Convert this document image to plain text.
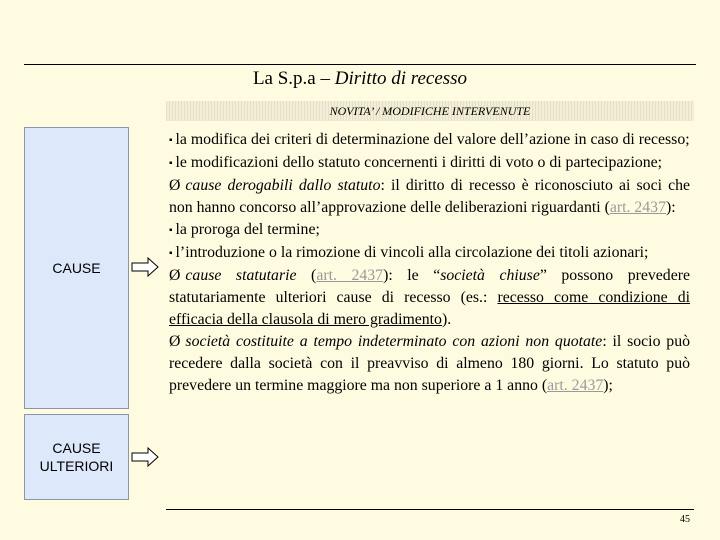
La S.p.a – Diritto di recesso
NOVITA’ / MODIFICHE INTERVENUTE
CAUSE
CAUSE
ULTERIORI

▪ la modifica dei criteri di determinazione del valore dell’azione in caso di recesso;

▪ le modificazioni dello statuto concernenti i diritti di voto o di partecipazione;

Ø cause derogabili dallo statuto: il diritto di recesso è riconosciuto ai soci che non hanno concorso all’approvazione delle deliberazioni riguardanti (art. 2437):

▪ la proroga del termine;

▪ l’introduzione o la rimozione di vincoli alla circolazione dei titoli azionari;

Ø cause statutarie (art. 2437): le “società chiuse” possono prevedere statutariamente ulteriori cause di recesso (es.: recesso come condizione di efficacia della clausola di mero gradimento).

Ø società costituite a tempo indeterminato con azioni non quotate: il socio può recedere dalla società con il preavviso di almeno 180 giorni. Lo statuto può prevedere un termine maggiore ma non superiore a 1 anno (art. 2437);

45
